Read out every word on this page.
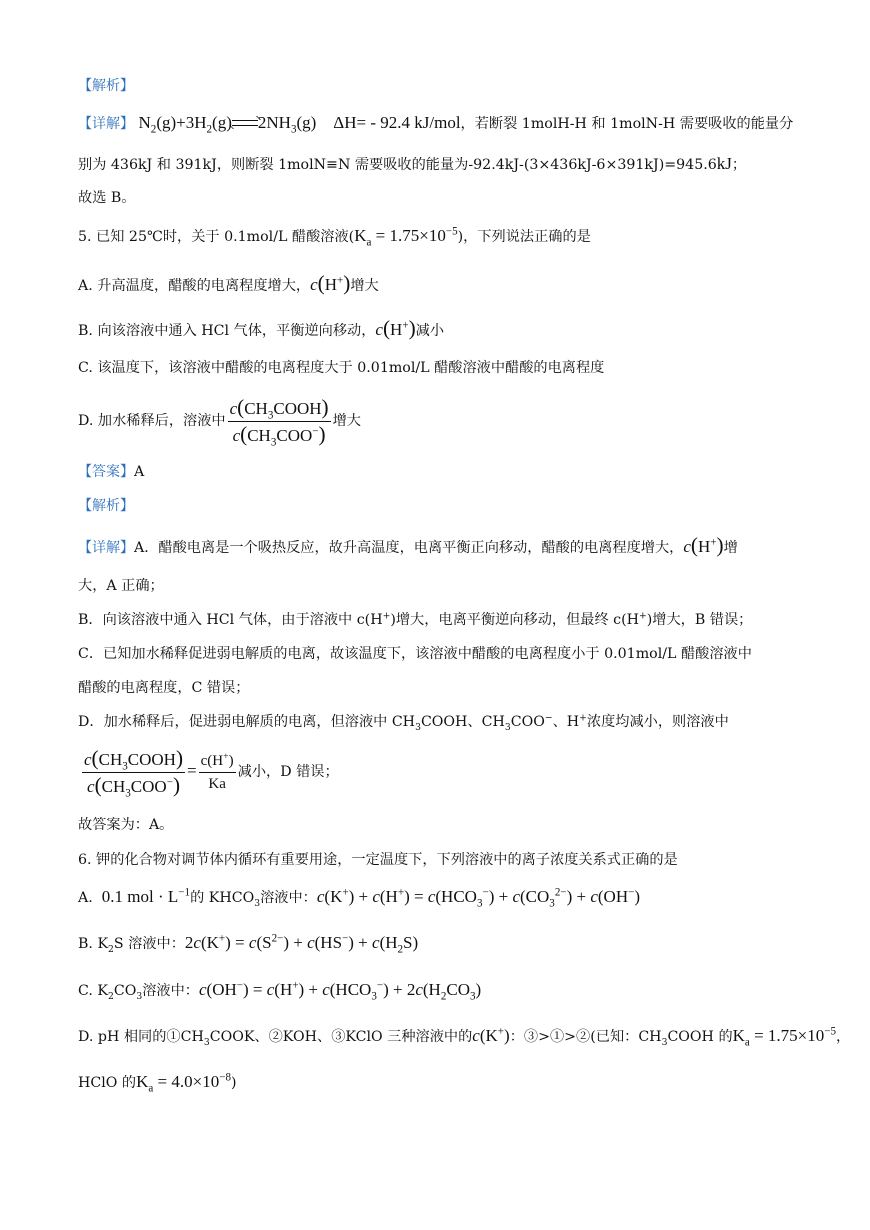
【解析】
【详解】 $N_2(g)+3H_2(g)$ $2NH_3(g)$    ΔH= - 92.4 kJ/mol，若断裂 1molH-H 和 1molN-H 需要吸收的能量分
别为 436kJ 和 391kJ，则断裂 1molN≡N 需要吸收的能量为-92.4kJ-(3×436kJ-6×391kJ)=945.6kJ；
故选 B。
5. 已知 25℃时，关于 0.1mol/L 醋酸溶液$(K_a = 1.75\times 10^{-5})$，下列说法正确的是
A. 升高温度，醋酸的电离程度增大，c(H+)增大
B. 向该溶液中通入 HCl 气体，平衡逆向移动，c(H+)减小
C. 该温度下，该溶液中醋酸的电离程度大于 0.01mol/L 醋酸溶液中醋酸的电离程度
D. 加水稀释后，溶液中 $\frac{c(CH_3COOH)}{c(CH_3COO^-)}$ 增大
【答案】A
【解析】
【详解】A．醋酸电离是一个吸热反应，故升高温度，电离平衡正向移动，醋酸的电离程度增大，c(H+)增
大，A 正确；
B．向该溶液中通入 HCl 气体，由于溶液中 c(H+)增大，电离平衡逆向移动，但最终 c(H+)增大，B 错误；
C．已知加水稀释促进弱电解质的电离，故该温度下，该溶液中醋酸的电离程度小于 0.01mol/L 醋酸溶液中
醋酸的电离程度，C 错误；
D．加水稀释后，促进弱电解质的电离，但溶液中 $CH_3COOH$、$CH_3COO^-$、H+浓度均减小，则溶液中
$\frac{c(CH_3COOH)}{c(CH_3COO^-)} = \frac{c(H^+)}{Ka}$ 减小，D 错误；
故答案为：A。
6. 钾的化合物对调节体内循环有重要用途，一定温度下，下列溶液中的离子浓度关系式正确的是
A. 0.1 mol · $L^{-1}$的 $KHCO_3$溶液中：$c(K^+) + c(H^+) = c(HCO_3^-) + c(CO_3^{2-}) + c(OH^-)$
B. $K_2S$ 溶液中：$2c(K^+) = c(S^{2-}) + c(HS^-) + c(H_2S)$
C. $K_2CO_3$溶液中：$c(OH^-) = c(H^+) + c(HCO_3^-) + 2c(H_2CO_3)$
D. pH 相同的$①CH_3COOK$、②KOH、③KClO 三种溶液中的c(K+)：③>①>②(已知：$CH_3COOH$ 的$K_a = 1.75\times 10^{-5}$，
HClO 的$K_a = 4.0\times 10^{-8}$)
